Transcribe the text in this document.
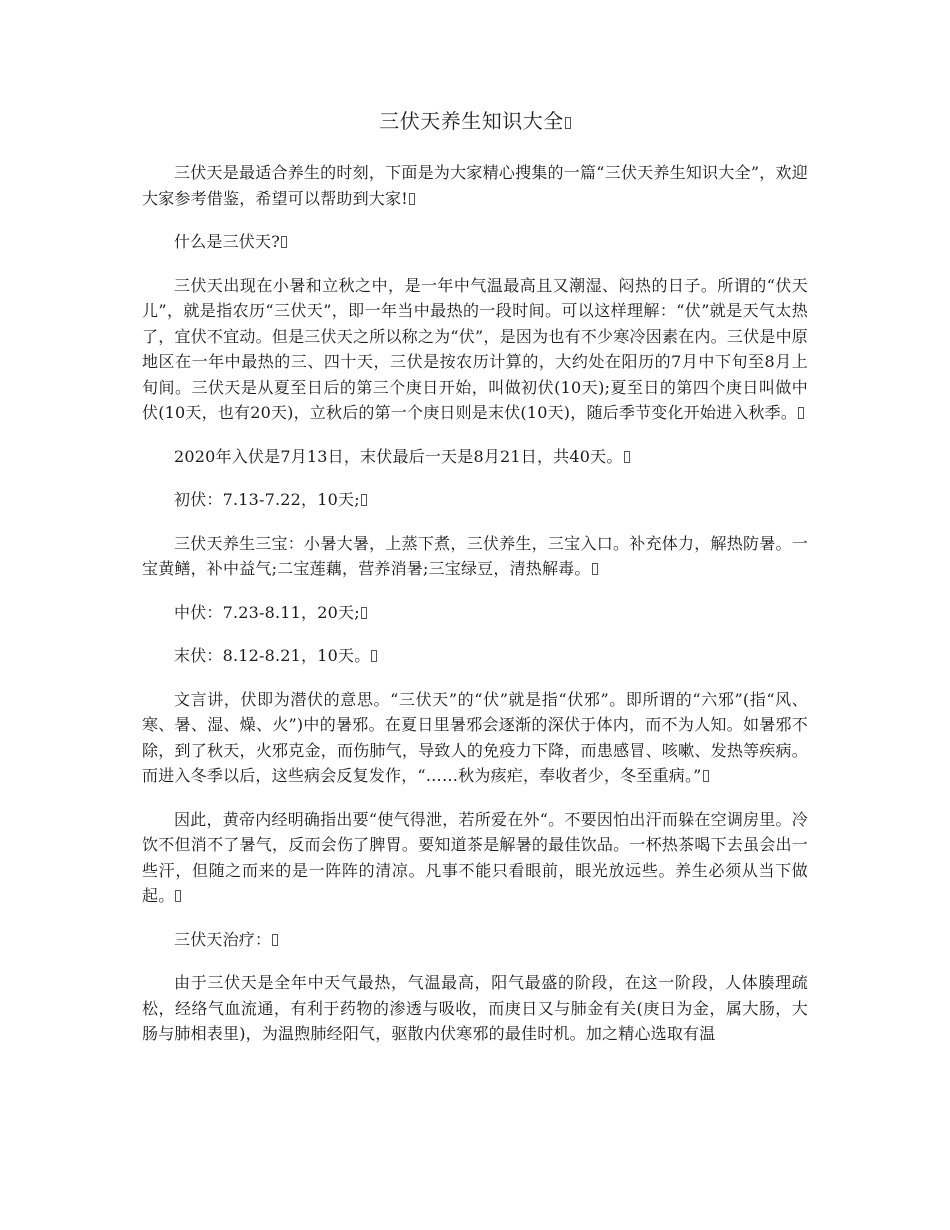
三伏天养生知识大全

三伏天是最适合养生的时刻，下面是为大家精心搜集的一篇“三伏天养生知识大全”，欢迎大家参考借鉴，希望可以帮助到大家!

什么是三伏天?

三伏天出现在小暑和立秋之中，是一年中气温最高且又潮湿、闷热的日子。所谓的“伏天儿”，就是指农历“三伏天”，即一年当中最热的一段时间。可以这样理解：“伏”就是天气太热了，宜伏不宜动。但是三伏天之所以称之为“伏”，是因为也有不少寒冷因素在内。三伏是中原地区在一年中最热的三、四十天，三伏是按农历计算的，大约处在阳历的7月中下旬至8月上旬间。三伏天是从夏至日后的第三个庚日开始，叫做初伏(10天);夏至日的第四个庚日叫做中伏(10天，也有20天)，立秋后的第一个庚日则是末伏(10天)，随后季节变化开始进入秋季。

2020年入伏是7月13日，末伏最后一天是8月21日，共40天。

初伏：7.13-7.22，10天;

三伏天养生三宝：小暑大暑，上蒸下煮，三伏养生，三宝入口。补充体力，解热防暑。一宝黄鳝，补中益气;二宝莲藕，营养消暑;三宝绿豆，清热解毒。

中伏：7.23-8.11，20天;

末伏：8.12-8.21，10天。

文言讲，伏即为潜伏的意思。“三伏天”的“伏”就是指“伏邪”。即所谓的“六邪”(指“风、寒、暑、湿、燥、火”)中的暑邪。在夏日里暑邪会逐渐的深伏于体内，而不为人知。如暑邪不除，到了秋天，火邪克金，而伤肺气，导致人的免疫力下降，而患感冒、咳嗽、发热等疾病。而进入冬季以后，这些病会反复发作，“……秋为痎疟，奉收者少，冬至重病。”

因此，黄帝内经明确指出要“使气得泄，若所爱在外“。不要因怕出汗而躲在空调房里。冷饮不但消不了暑气，反而会伤了脾胃。要知道茶是解暑的最佳饮品。一杯热茶喝下去虽会出一些汗，但随之而来的是一阵阵的清凉。凡事不能只看眼前，眼光放远些。养生必须从当下做起。

三伏天治疗：

由于三伏天是全年中天气最热，气温最高，阳气最盛的阶段，在这一阶段，人体腠理疏松，经络气血流通，有利于药物的渗透与吸收，而庚日又与肺金有关(庚日为金，属大肠，大肠与肺相表里)，为温煦肺经阳气，驱散内伏寒邪的最佳时机。加之精心选取有温
